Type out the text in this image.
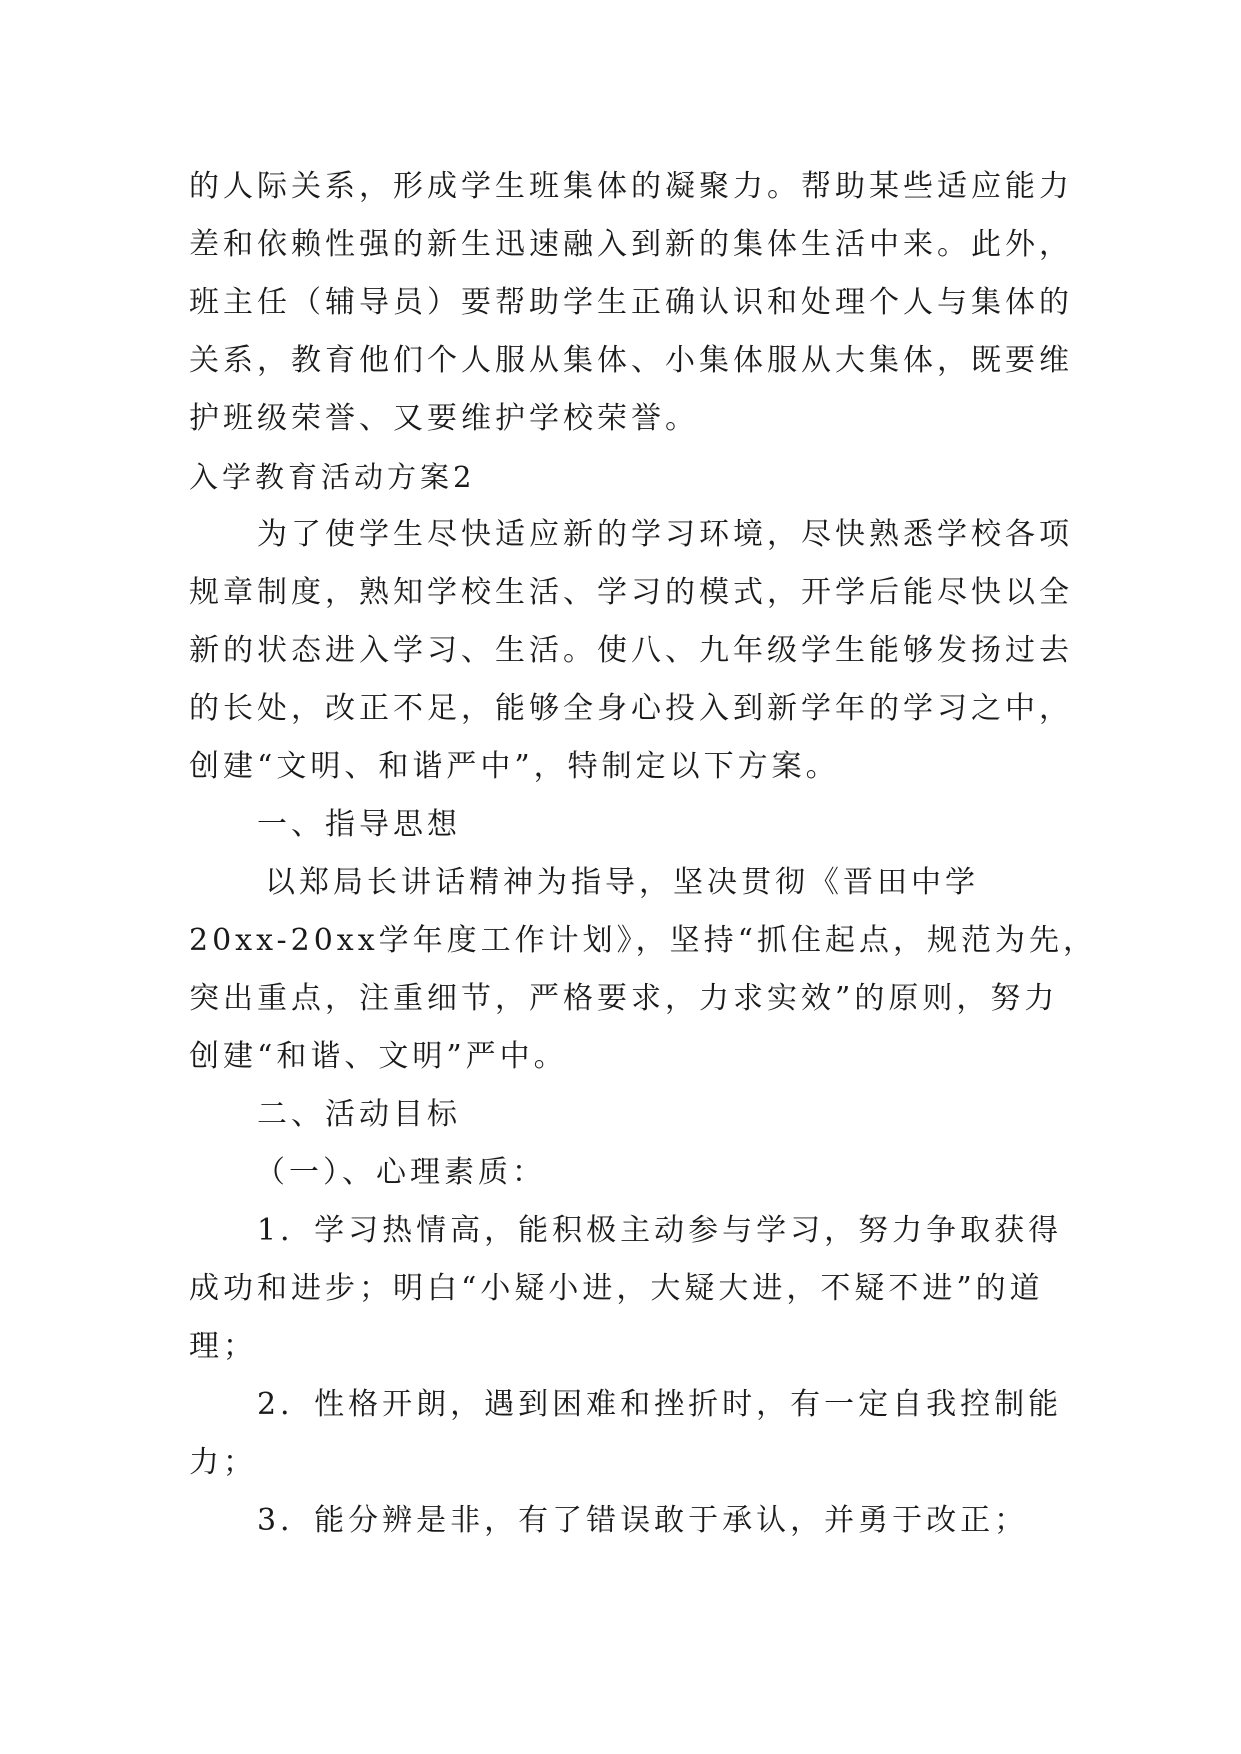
的人际关系，形成学生班集体的凝聚力。帮助某些适应能力
差和依赖性强的新生迅速融入到新的集体生活中来。此外，
班主任（辅导员）要帮助学生正确认识和处理个人与集体的
关系，教育他们个人服从集体、小集体服从大集体，既要维
护班级荣誉、又要维护学校荣誉。
入学教育活动方案2
为了使学生尽快适应新的学习环境，尽快熟悉学校各项
规章制度，熟知学校生活、学习的模式，开学后能尽快以全
新的状态进入学习、生活。使八、九年级学生能够发扬过去
的长处，改正不足，能够全身心投入到新学年的学习之中，
创建“文明、和谐严中”，特制定以下方案。
一、指导思想
以郑局长讲话精神为指导，坚决贯彻《晋田中学
20xx-20xx学年度工作计划》，坚持“抓住起点，规范为先，
突出重点，注重细节，严格要求，力求实效”的原则，努力
创建“和谐、文明”严中。
二、活动目标
（一）、心理素质：
1．学习热情高，能积极主动参与学习，努力争取获得
成功和进步；明白“小疑小进，大疑大进，不疑不进”的道
理；
2．性格开朗，遇到困难和挫折时，有一定自我控制能
力；
3．能分辨是非，有了错误敢于承认，并勇于改正；
